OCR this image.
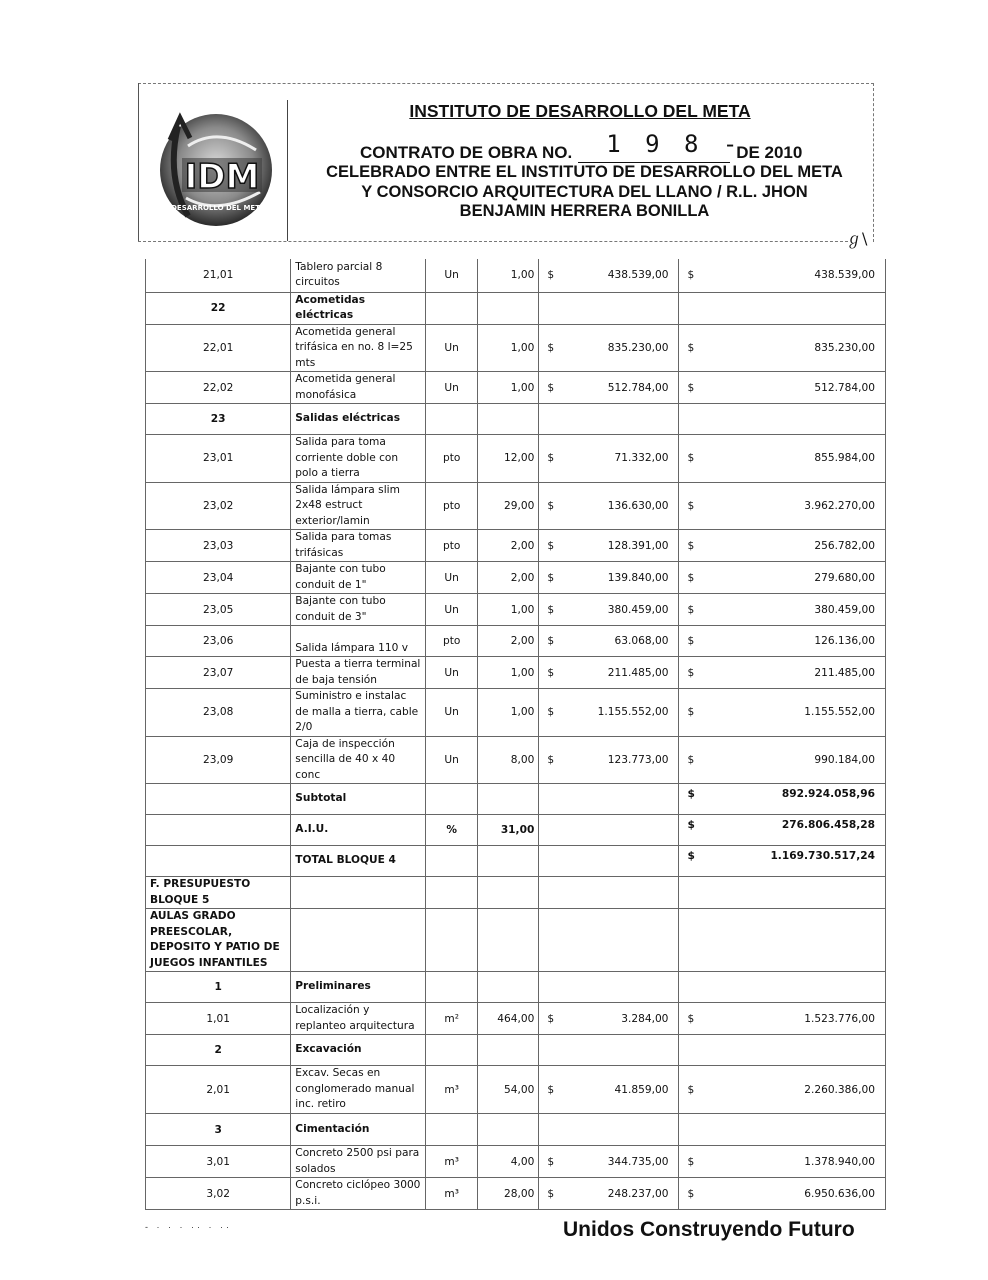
IDM
DESARROLLO DEL META
INSTITUTO DE DESARROLLO DEL META
CONTRATO DE OBRA NO. 1 9 8 -
DE 2010
CELEBRADO ENTRE EL INSTITUTO DE DESARROLLO DEL META
Y CONSORCIO ARQUITECTURA DEL LLANO / R.L. JHON
BENJAMIN HERRERA BONILLA
ℊ\
21,01	Tablero parcial 8 circuitos	Un	1,00	$ 438.539,00	$ 438.539,00

22	Acometidas eléctricas				
22,01	Acometida general trifásica en no. 8 l=25 mts	Un	1,00	$ 835.230,00	$ 835.230,00

22,02	Acometida general monofásica	Un	1,00	$ 512.784,00	$ 512.784,00

23	Salidas eléctricas				
23,01	Salida para toma corriente doble con polo a tierra	pto	12,00	$ 71.332,00	$ 855.984,00

23,02	Salida lámpara slim 2x48 estruct exterior/lamin	pto	29,00	$ 136.630,00	$ 3.962.270,00

23,03	Salida para tomas trifásicas	pto	2,00	$ 128.391,00	$ 256.782,00

23,04	Bajante con tubo conduit de 1"	Un	2,00	$ 139.840,00	$ 279.680,00

23,05	Bajante con tubo conduit de 3"	Un	1,00	$ 380.459,00	$ 380.459,00

23,06	Salida lámpara 110 v	pto	2,00	$ 63.068,00	$ 126.136,00

23,07	Puesta a tierra terminal de baja tensión	Un	1,00	$ 211.485,00	$ 211.485,00

23,08	Suministro e instalac de malla a tierra, cable 2/0	Un	1,00	$ 1.155.552,00	$ 1.155.552,00

23,09	Caja de inspección sencilla de 40 x 40 conc	Un	8,00	$ 123.773,00	$ 990.184,00

	Subtotal				$ 892.924.058,96

	A.I.U.	%	31,00		$ 276.806.458,28

	TOTAL BLOQUE 4				$ 1.169.730.517,24

F. PRESUPUESTO BLOQUE 5					
AULAS GRADO PREESCOLAR, DEPOSITO Y PATIO DE JUEGOS INFANTILES					
1	Preliminares				
1,01	Localización y replanteo arquitectura	m²	464,00	$ 3.284,00	$ 1.523.776,00

2	Excavación				
2,01	Excav. Secas en conglomerado manual inc. retiro	m³	54,00	$ 41.859,00	$ 2.260.386,00

3	Cimentación				
3,01	Concreto 2500 psi para solados	m³	4,00	$ 344.735,00	$ 1.378.940,00

3,02	Concreto ciclópeo 3000 p.s.i.	m³	28,00	$ 248.237,00	$ 6.950.636,00
- · · · ·· · ··	Unidos Construyendo Futuro
